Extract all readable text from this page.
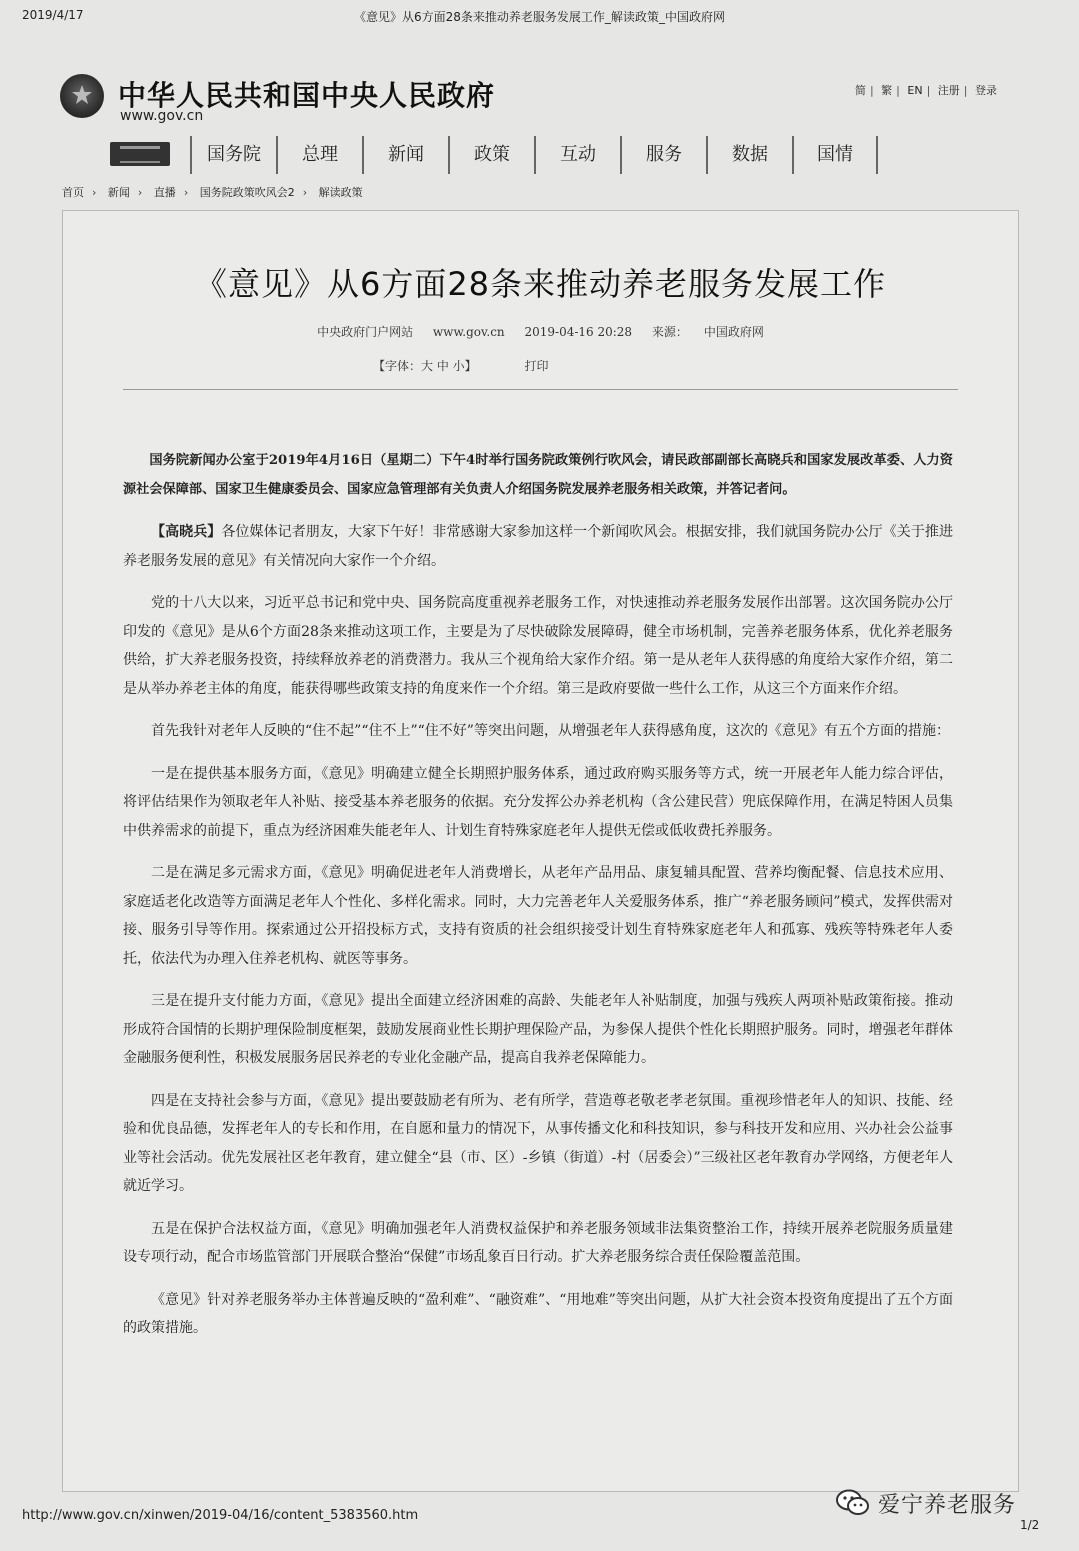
2019/4/17	《意见》从6方面28条来推动养老服务发展工作_解读政策_中国政府网
中华人民共和国中央人民政府
www.gov.cn
简 | 繁 | EN | 注册 | 登录
国务院	总理	新闻	政策	互动	服务	数据	国情
首页 › 新闻 › 直播 › 国务院政策吹风会2 › 解读政策
《意见》从6方面28条来推动养老服务发展工作
中央政府门户网站 www.gov.cn 2019-04-16 20:28 来源： 中国政府网
【字体：大 中 小】	打印

国务院新闻办公室于2019年4月16日（星期二）下午4时举行国务院政策例行吹风会，请民政部副部长高晓兵和国家发展改革委、人力资源社会保障部、国家卫生健康委员会、国家应急管理部有关负责人介绍国务院发展养老服务相关政策，并答记者问。

【高晓兵】各位媒体记者朋友，大家下午好！非常感谢大家参加这样一个新闻吹风会。根据安排，我们就国务院办公厅《关于推进养老服务发展的意见》有关情况向大家作一个介绍。

党的十八大以来，习近平总书记和党中央、国务院高度重视养老服务工作，对快速推动养老服务发展作出部署。这次国务院办公厅印发的《意见》是从6个方面28条来推动这项工作，主要是为了尽快破除发展障碍，健全市场机制，完善养老服务体系，优化养老服务供给，扩大养老服务投资，持续释放养老的消费潜力。我从三个视角给大家作介绍。第一是从老年人获得感的角度给大家作介绍，第二是从举办养老主体的角度，能获得哪些政策支持的角度来作一个介绍。第三是政府要做一些什么工作，从这三个方面来作介绍。

首先我针对老年人反映的“住不起”“住不上”“住不好”等突出问题，从增强老年人获得感角度，这次的《意见》有五个方面的措施：

一是在提供基本服务方面，《意见》明确建立健全长期照护服务体系，通过政府购买服务等方式，统一开展老年人能力综合评估，将评估结果作为领取老年人补贴、接受基本养老服务的依据。充分发挥公办养老机构（含公建民营）兜底保障作用，在满足特困人员集中供养需求的前提下，重点为经济困难失能老年人、计划生育特殊家庭老年人提供无偿或低收费托养服务。

二是在满足多元需求方面，《意见》明确促进老年人消费增长，从老年产品用品、康复辅具配置、营养均衡配餐、信息技术应用、家庭适老化改造等方面满足老年人个性化、多样化需求。同时，大力完善老年人关爱服务体系，推广“养老服务顾问”模式，发挥供需对接、服务引导等作用。探索通过公开招投标方式，支持有资质的社会组织接受计划生育特殊家庭老年人和孤寡、残疾等特殊老年人委托，依法代为办理入住养老机构、就医等事务。

三是在提升支付能力方面，《意见》提出全面建立经济困难的高龄、失能老年人补贴制度，加强与残疾人两项补贴政策衔接。推动形成符合国情的长期护理保险制度框架，鼓励发展商业性长期护理保险产品，为参保人提供个性化长期照护服务。同时，增强老年群体金融服务便利性，积极发展服务居民养老的专业化金融产品，提高自我养老保障能力。

四是在支持社会参与方面，《意见》提出要鼓励老有所为、老有所学，营造尊老敬老孝老氛围。重视珍惜老年人的知识、技能、经验和优良品德，发挥老年人的专长和作用，在自愿和量力的情况下，从事传播文化和科技知识，参与科技开发和应用、兴办社会公益事业等社会活动。优先发展社区老年教育，建立健全“县（市、区）-乡镇（街道）-村（居委会）”三级社区老年教育办学网络，方便老年人就近学习。

五是在保护合法权益方面，《意见》明确加强老年人消费权益保护和养老服务领域非法集资整治工作，持续开展养老院服务质量建设专项行动，配合市场监管部门开展联合整治“保健”市场乱象百日行动。扩大养老服务综合责任保险覆盖范围。

《意见》针对养老服务举办主体普遍反映的“盈利难”、“融资难”、“用地难”等突出问题，从扩大社会资本投资角度提出了五个方面的政策措施。

爱宁养老服务
http://www.gov.cn/xinwen/2019-04/16/content_5383560.htm
1/2
